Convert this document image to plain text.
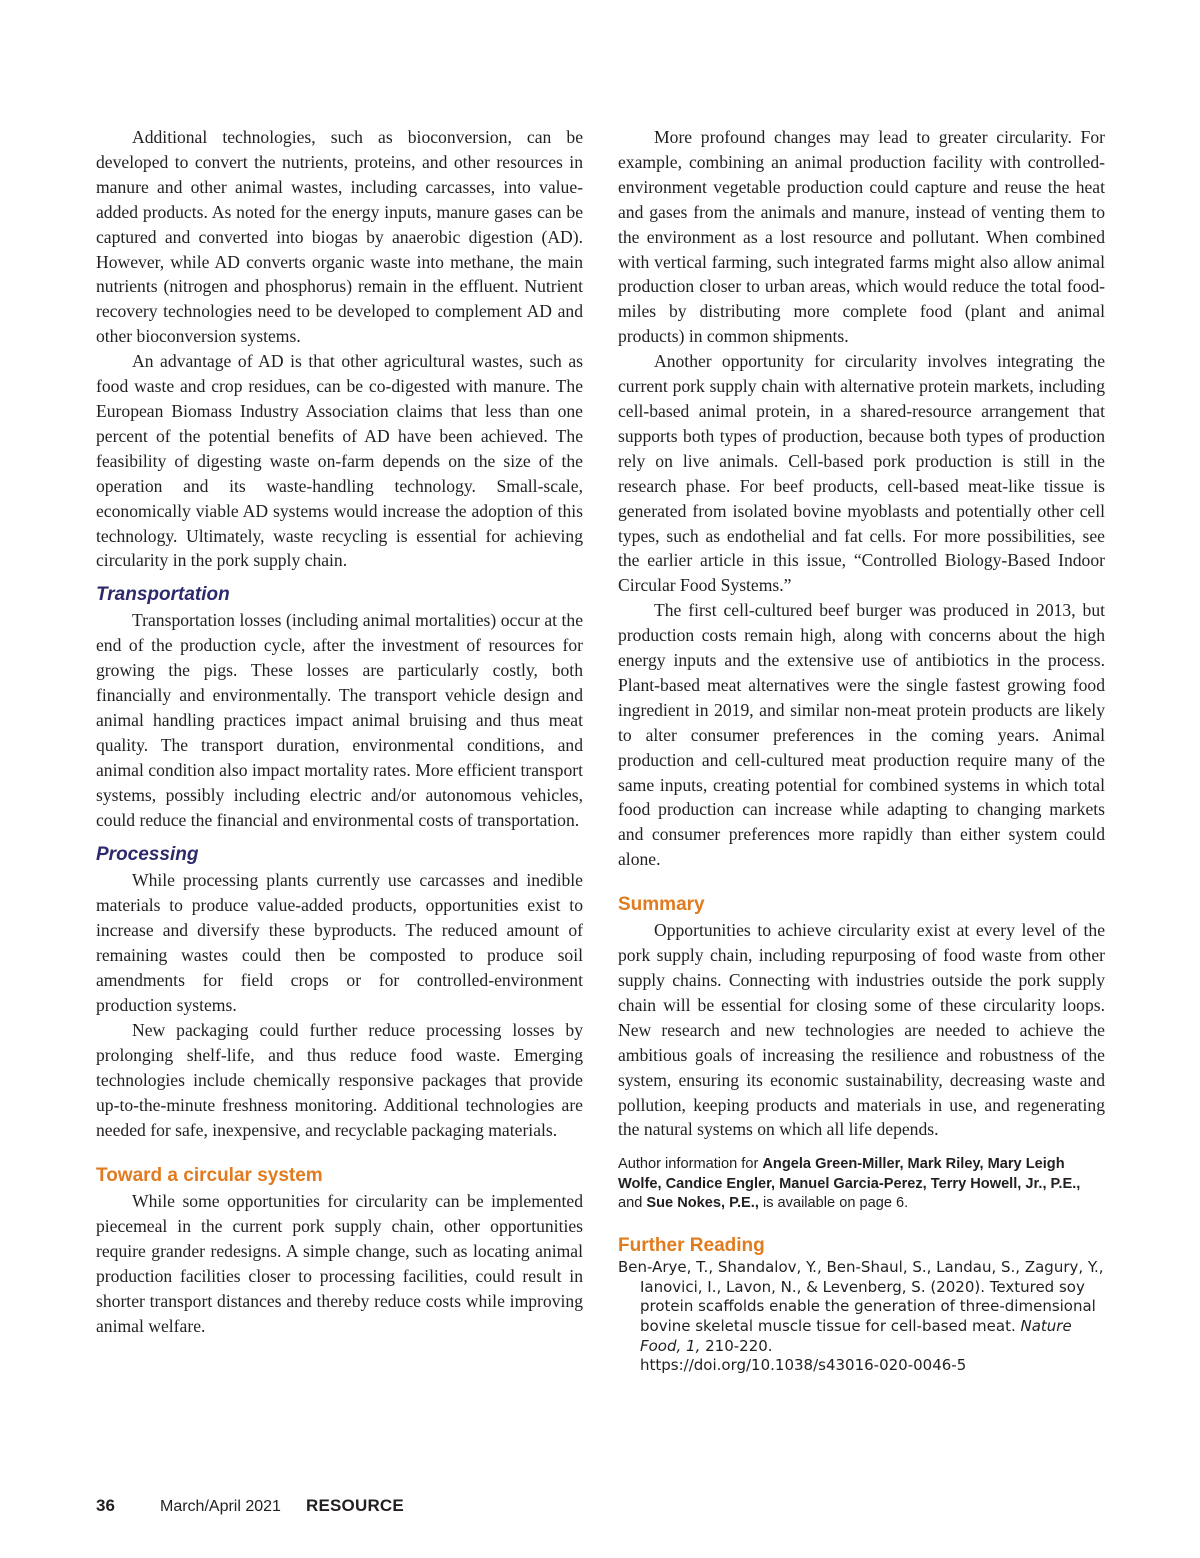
Additional technologies, such as bioconversion, can be developed to convert the nutrients, proteins, and other resources in manure and other animal wastes, including carcasses, into value-added products. As noted for the energy inputs, manure gases can be captured and converted into biogas by anaerobic digestion (AD). However, while AD converts organic waste into methane, the main nutrients (nitrogen and phosphorus) remain in the effluent. Nutrient recovery technologies need to be developed to complement AD and other bioconversion systems.

An advantage of AD is that other agricultural wastes, such as food waste and crop residues, can be co-digested with manure. The European Biomass Industry Association claims that less than one percent of the potential benefits of AD have been achieved. The feasibility of digesting waste on-farm depends on the size of the operation and its waste-handling technology. Small-scale, economically viable AD systems would increase the adoption of this technology. Ultimately, waste recycling is essential for achieving circularity in the pork supply chain.

Transportation

Transportation losses (including animal mortalities) occur at the end of the production cycle, after the investment of resources for growing the pigs. These losses are particularly costly, both financially and environmentally. The transport vehicle design and animal handling practices impact animal bruising and thus meat quality. The transport duration, environmental conditions, and animal condition also impact mortality rates. More efficient transport systems, possibly including electric and/or autonomous vehicles, could reduce the financial and environmental costs of transportation.

Processing

While processing plants currently use carcasses and inedible materials to produce value-added products, opportunities exist to increase and diversify these byproducts. The reduced amount of remaining wastes could then be composted to produce soil amendments for field crops or for controlled-environment production systems.

New packaging could further reduce processing losses by prolonging shelf-life, and thus reduce food waste. Emerging technologies include chemically responsive packages that provide up-to-the-minute freshness monitoring. Additional technologies are needed for safe, inexpensive, and recyclable packaging materials.

Toward a circular system

While some opportunities for circularity can be implemented piecemeal in the current pork supply chain, other opportunities require grander redesigns. A simple change, such as locating animal production facilities closer to processing facilities, could result in shorter transport distances and thereby reduce costs while improving animal welfare.

More profound changes may lead to greater circularity. For example, combining an animal production facility with controlled-environment vegetable production could capture and reuse the heat and gases from the animals and manure, instead of venting them to the environment as a lost resource and pollutant. When combined with vertical farming, such integrated farms might also allow animal production closer to urban areas, which would reduce the total food-miles by distributing more complete food (plant and animal products) in common shipments.

Another opportunity for circularity involves integrating the current pork supply chain with alternative protein markets, including cell-based animal protein, in a shared-resource arrangement that supports both types of production, because both types of production rely on live animals. Cell-based pork production is still in the research phase. For beef products, cell-based meat-like tissue is generated from isolated bovine myoblasts and potentially other cell types, such as endothelial and fat cells. For more possibilities, see the earlier article in this issue, “Controlled Biology-Based Indoor Circular Food Systems.”

The first cell-cultured beef burger was produced in 2013, but production costs remain high, along with concerns about the high energy inputs and the extensive use of antibiotics in the process. Plant-based meat alternatives were the single fastest growing food ingredient in 2019, and similar non-meat protein products are likely to alter consumer preferences in the coming years. Animal production and cell-cultured meat production require many of the same inputs, creating potential for combined systems in which total food production can increase while adapting to changing markets and consumer preferences more rapidly than either system could alone.

Summary

Opportunities to achieve circularity exist at every level of the pork supply chain, including repurposing of food waste from other supply chains. Connecting with industries outside the pork supply chain will be essential for closing some of these circularity loops. New research and new technologies are needed to achieve the ambitious goals of increasing the resilience and robustness of the system, ensuring its economic sustainability, decreasing waste and pollution, keeping products and materials in use, and regenerating the natural systems on which all life depends.

Author information for Angela Green-Miller, Mark Riley, Mary Leigh Wolfe, Candice Engler, Manuel Garcia-Perez, Terry Howell, Jr., P.E., and Sue Nokes, P.E., is available on page 6.

Further Reading

Ben-Arye, T., Shandalov, Y., Ben-Shaul, S., Landau, S., Zagury, Y., Ianovici, I., Lavon, N., & Levenberg, S. (2020). Textured soy protein scaffolds enable the generation of three-dimensional bovine skeletal muscle tissue for cell-based meat. Nature Food, 1, 210-220.
https://doi.org/10.1038/s43016-020-0046-5

36	March/April 2021	RESOURCE
